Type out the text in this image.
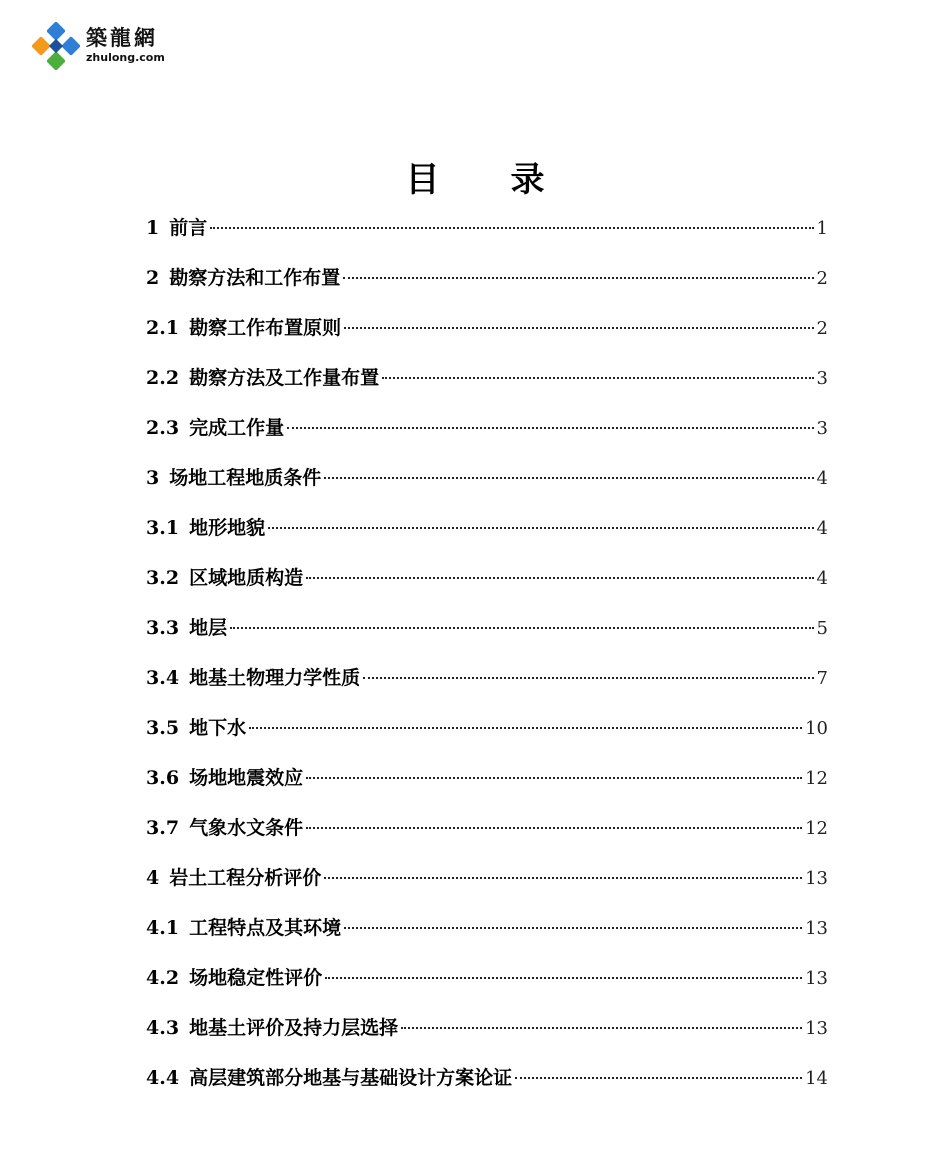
築龍網
zhulong.com
目      录
1 前言	1
2 勘察方法和工作布置	2
2.1 勘察工作布置原则	2
2.2 勘察方法及工作量布置	3
2.3 完成工作量	3
3 场地工程地质条件	4
3.1 地形地貌	4
3.2 区域地质构造	4
3.3 地层	5
3.4 地基土物理力学性质	7
3.5 地下水	10
3.6 场地地震效应	12
3.7 气象水文条件	12
4 岩土工程分析评价	13
4.1 工程特点及其环境	13
4.2 场地稳定性评价	13
4.3 地基土评价及持力层选择	13
4.4 高层建筑部分地基与基础设计方案论证	14
